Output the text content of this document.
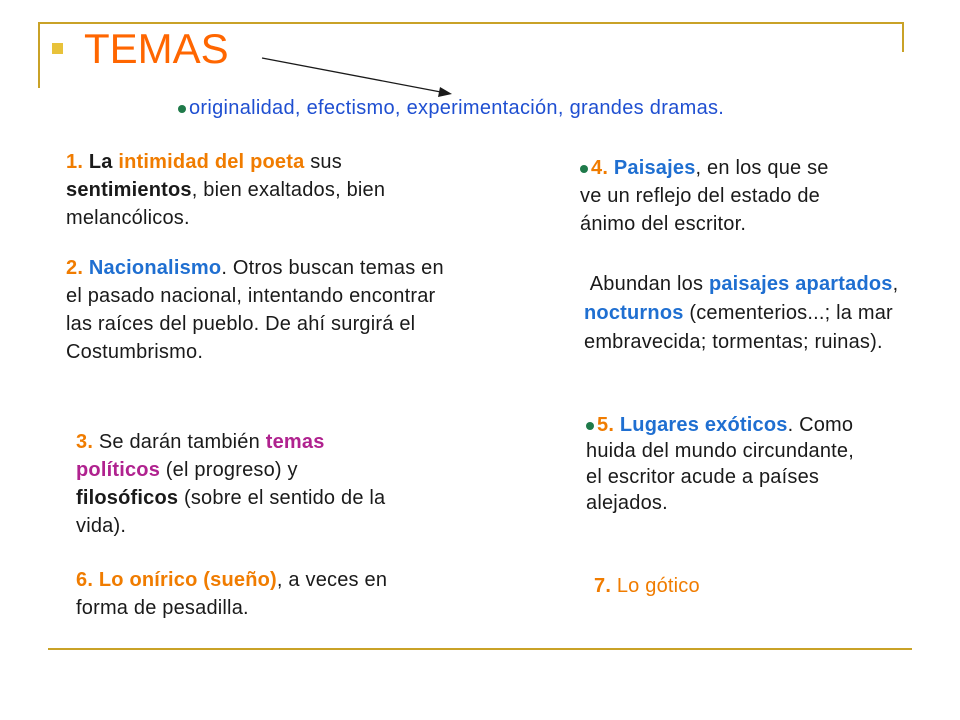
TEMAS
originalidad, efectismo, experimentación, grandes dramas.
1. La intimidad del poeta sus sentimientos, bien exaltados, bien melancólicos.
2. Nacionalismo. Otros buscan temas en el pasado nacional, intentando encontrar las raíces del pueblo. De ahí surgirá el Costumbrismo.
3. Se darán también temas políticos (el progreso) y filosóficos (sobre el sentido de la vida).
6. Lo onírico (sueño), a veces en forma de pesadilla.
4. Paisajes, en los que se ve un reflejo del estado de ánimo del escritor.
Abundan los paisajes apartados, nocturnos (cementerios...; la mar embravecida; tormentas; ruinas).
5. Lugares exóticos. Como huida del mundo circundante, el escritor acude a países alejados.
7. Lo gótico
